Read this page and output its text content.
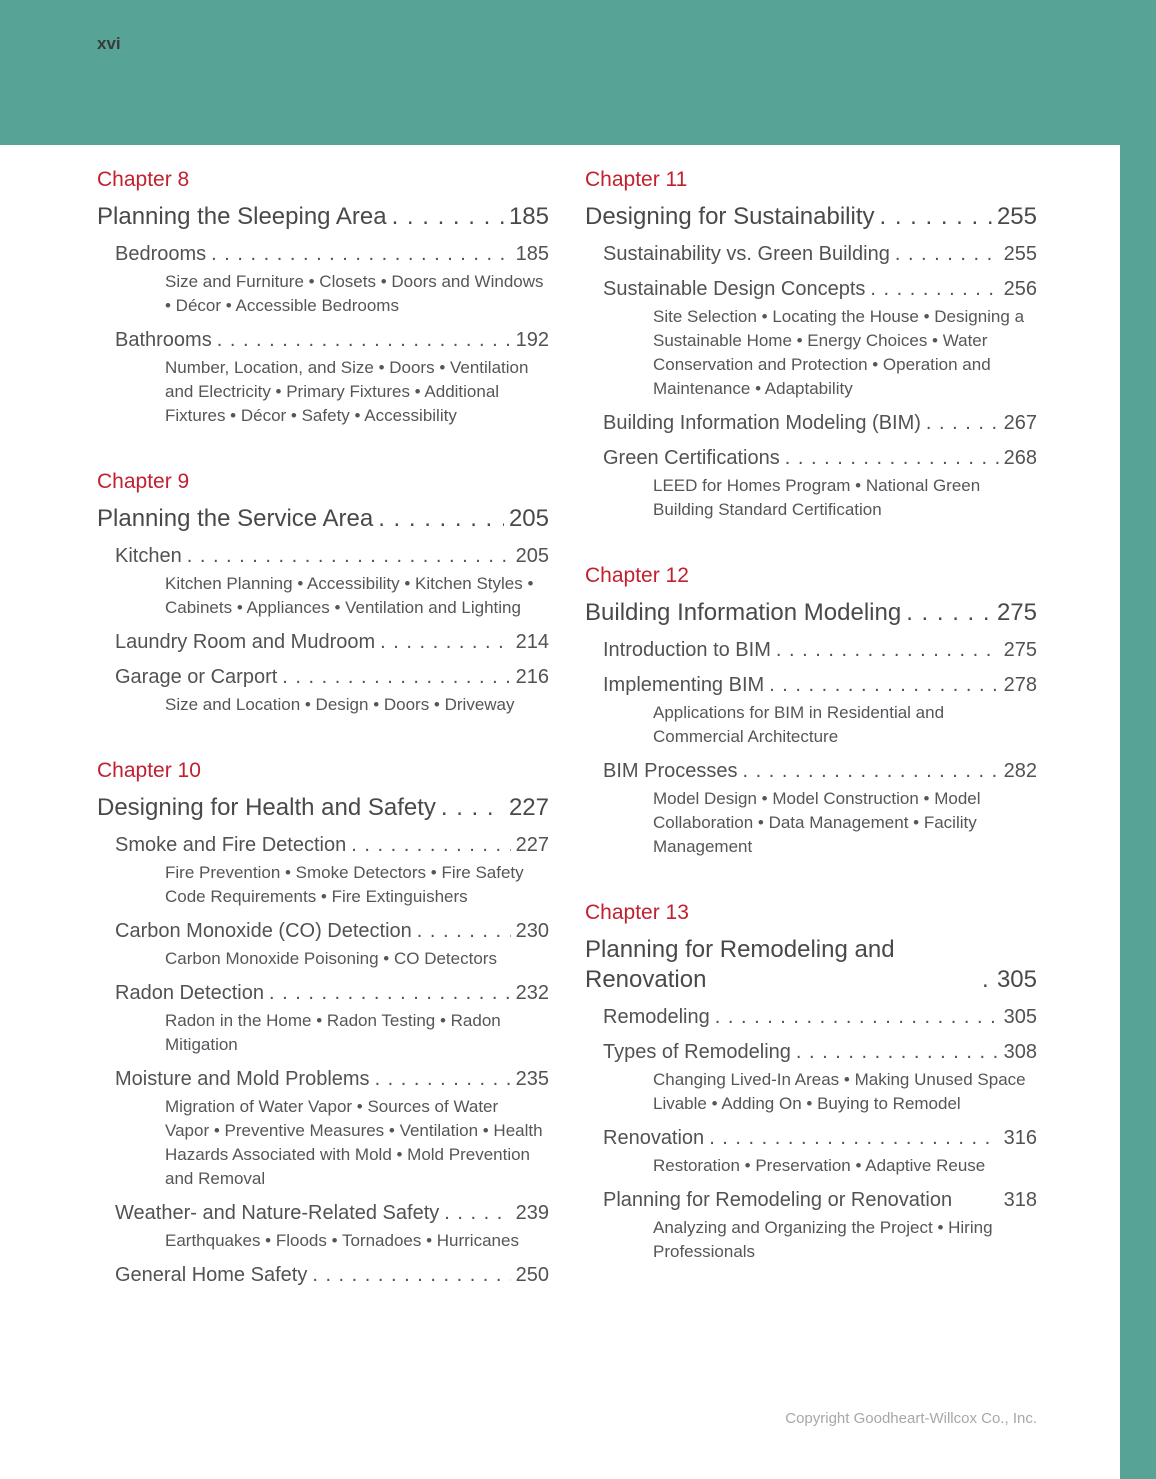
xvi
Chapter 8
Planning the Sleeping Area . . .	185
Bedrooms . . .	185
Size and Furniture • Closets • Doors and Windows • Décor • Accessible Bedrooms
Bathrooms . . .	192
Number, Location, and Size • Doors • Ventilation and Electricity • Primary Fixtures • Additional Fixtures • Décor • Safety • Accessibility
Chapter 9
Planning the Service Area . . .	205
Kitchen . . .	205
Kitchen Planning • Accessibility • Kitchen Styles • Cabinets • Appliances • Ventilation and Lighting
Laundry Room and Mudroom . . .	214
Garage or Carport . . .	216
Size and Location • Design • Doors • Driveway
Chapter 10
Designing for Health and Safety . . .	227
Smoke and Fire Detection . . .	227
Fire Prevention • Smoke Detectors • Fire Safety Code Requirements • Fire Extinguishers
Carbon Monoxide (CO) Detection . . .	230
Carbon Monoxide Poisoning • CO Detectors
Radon Detection . . .	232
Radon in the Home • Radon Testing • Radon Mitigation
Moisture and Mold Problems . . .	235
Migration of Water Vapor • Sources of Water Vapor • Preventive Measures • Ventilation • Health Hazards Associated with Mold • Mold Prevention and Removal
Weather- and Nature-Related Safety . . .	239
Earthquakes • Floods • Tornadoes • Hurricanes
General Home Safety . . .	250
Chapter 11
Designing for Sustainability . . .	255
Sustainability vs. Green Building . . .	255
Sustainable Design Concepts . . .	256
Site Selection • Locating the House • Designing a Sustainable Home • Energy Choices • Water Conservation and Protection • Operation and Maintenance • Adaptability
Building Information Modeling (BIM) . . .	267
Green Certifications . . .	268
LEED for Homes Program • National Green Building Standard Certification
Chapter 12
Building Information Modeling . . .	275
Introduction to BIM . . .	275
Implementing BIM . . .	278
Applications for BIM in Residential and Commercial Architecture
BIM Processes . . .	282
Model Design • Model Construction • Model Collaboration • Data Management • Facility Management
Chapter 13
Planning for Remodeling and Renovation . . .	305
Remodeling . . .	305
Types of Remodeling . . .	308
Changing Lived-In Areas • Making Unused Space Livable • Adding On • Buying to Remodel
Renovation . . .	316
Restoration • Preservation • Adaptive Reuse
Planning for Remodeling or Renovation	318
Analyzing and Organizing the Project • Hiring Professionals
Copyright Goodheart-Willcox Co., Inc.
